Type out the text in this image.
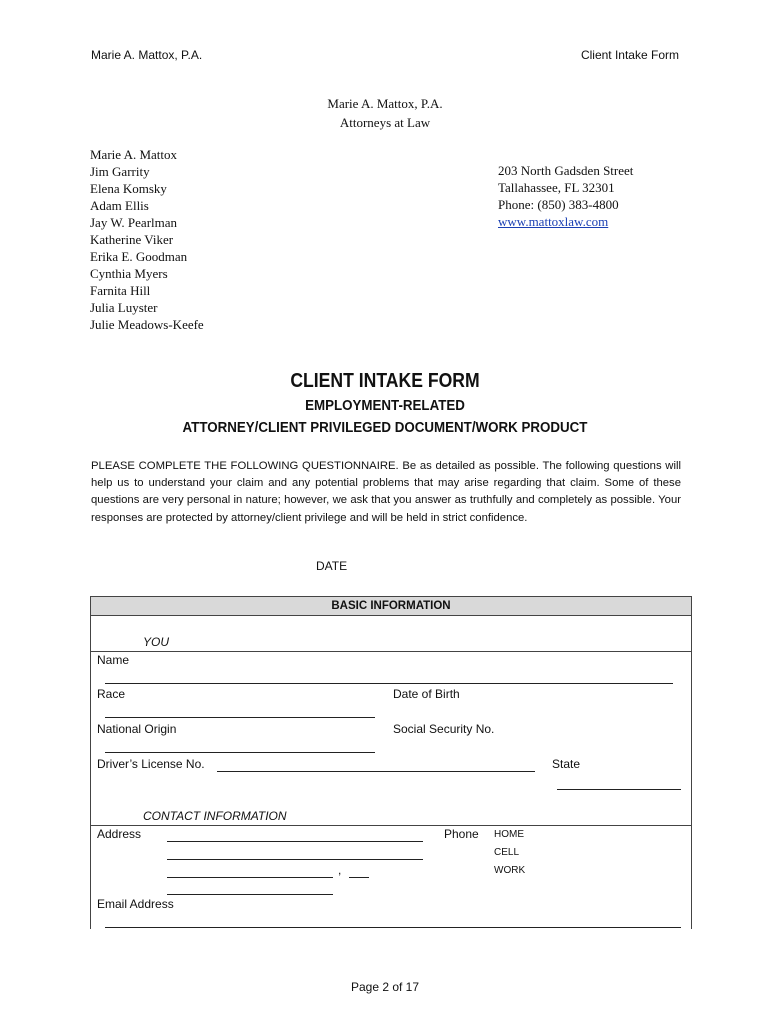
Marie A. Mattox, P.A.	Client Intake Form
Marie A. Mattox, P.A.
Attorneys at Law
Marie A. Mattox
Jim Garrity
Elena Komsky
Adam Ellis
Jay W. Pearlman
Katherine Viker
Erika E. Goodman
Cynthia Myers
Farnita Hill
Julia Luyster
Julie Meadows-Keefe
203 North Gadsden Street
Tallahassee, FL 32301
Phone: (850) 383-4800
www.mattoxlaw.com
CLIENT INTAKE FORM
EMPLOYMENT-RELATED
ATTORNEY/CLIENT PRIVILEGED DOCUMENT/WORK PRODUCT
PLEASE COMPLETE THE FOLLOWING QUESTIONNAIRE. Be as detailed as possible. The following questions will help us to understand your claim and any potential problems that may arise regarding that claim. Some of these questions are very personal in nature; however, we ask that you answer as truthfully and completely as possible. Your responses are protected by attorney/client privilege and will be held in strict confidence.
DATE
BASIC INFORMATION
YOU
Name
Race	Date of Birth
National Origin	Social Security No.
Driver’s License No.	State
CONTACT INFORMATION
Address
,
Phone HOME
CELL
WORK
Email Address
Page 2 of 17
